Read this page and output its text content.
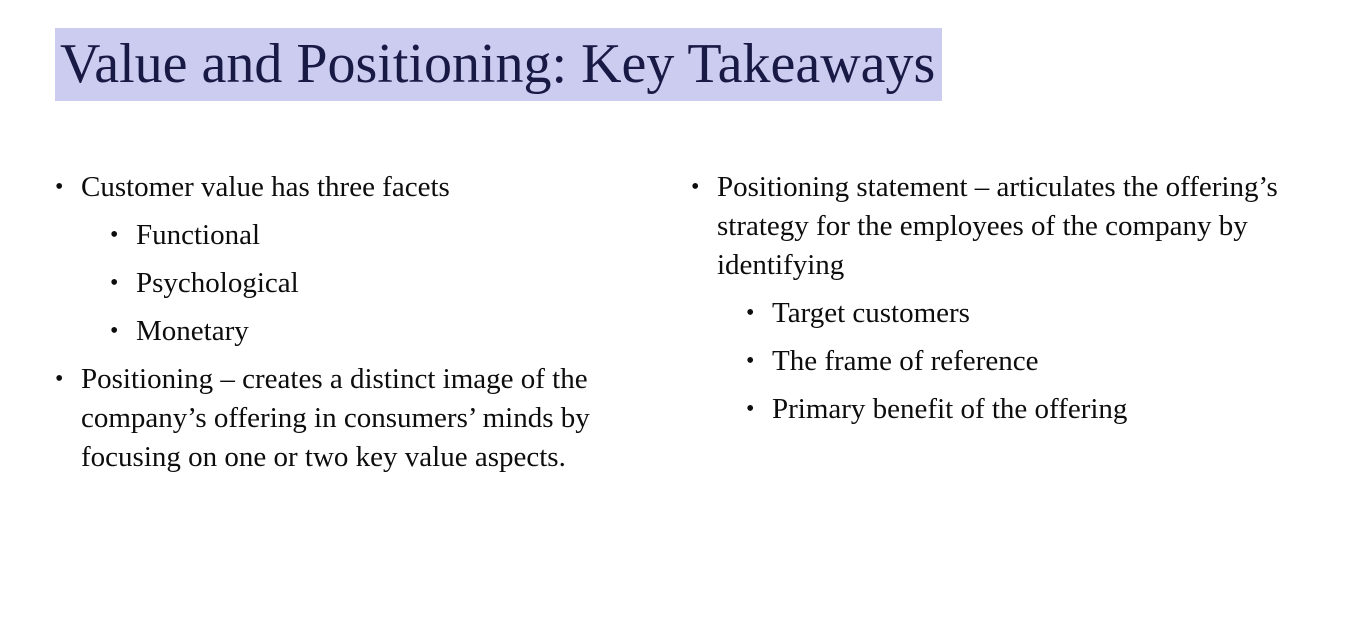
Value and Positioning: Key Takeaways
• Customer value has three facets
• Functional
• Psychological
• Monetary
• Positioning – creates a distinct image of the company’s offering in consumers’ minds by focusing on one or two key value aspects.
• Positioning statement – articulates the offering’s strategy for the employees of the company by identifying
• Target customers
• The frame of reference
• Primary benefit of the offering
